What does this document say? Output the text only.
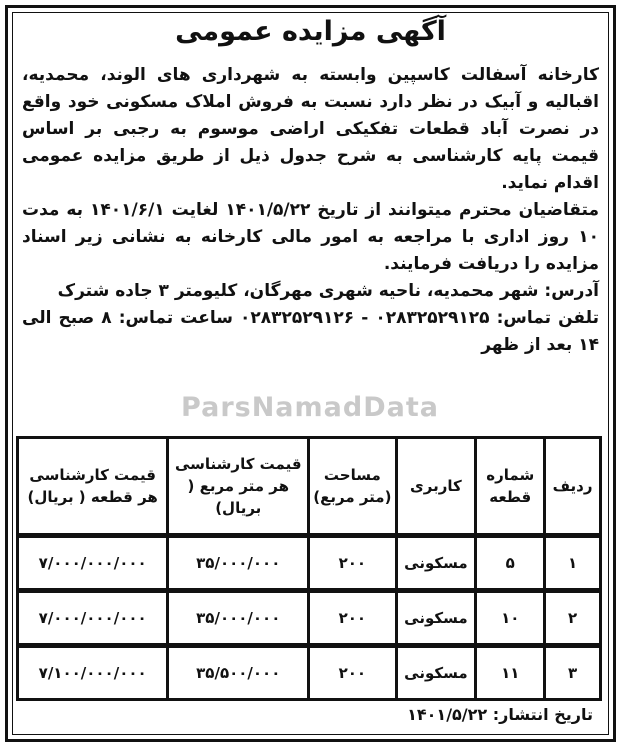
آگهی مزایده عمومی

کارخانه آسفالت کاسپین وابسته به شهرداری های الوند، محمدیه، اقبالیه و آبیک در نظر دارد نسبت به فروش املاک مسکونی خود واقع در نصرت آباد قطعات تفکیکی اراضی موسوم به رجبی بر اساس قیمت پایه کارشناسی به شرح جدول ذیل از طریق مزایده عمومی اقدام نماید.

متقاضیان محترم میتوانند از تاریخ ۱۴۰۱/۵/۲۲ لغایت ۱۴۰۱/۶/۱ به مدت ۱۰ روز اداری با مراجعه به امور مالی کارخانه به نشانی زیر اسناد مزایده را دریافت فرمایند.

آدرس: شهر محمدیه، ناحیه شهری مهرگان، کلیومتر ۳ جاده شترک

تلفن تماس: ۰۲۸۳۲۵۲۹۱۲۵ - ۰۲۸۳۲۵۲۹۱۲۶ ساعت تماس: ۸ صبح الی ۱۴ بعد از ظهر

ParsNamadData
ردیف	شماره قطعه	کاربری	مساحت (متر مربع)	قیمت کارشناسی هر متر مربع ( بریال)	قیمت کارشناسی هر قطعه ( بریال)
۱	۵	مسکونی	۲۰۰	۳۵/۰۰۰/۰۰۰	۷/۰۰۰/۰۰۰/۰۰۰
۲	۱۰	مسکونی	۲۰۰	۳۵/۰۰۰/۰۰۰	۷/۰۰۰/۰۰۰/۰۰۰
۳	۱۱	مسکونی	۲۰۰	۳۵/۵۰۰/۰۰۰	۷/۱۰۰/۰۰۰/۰۰۰
تاریخ انتشار: ۱۴۰۱/۵/۲۲
